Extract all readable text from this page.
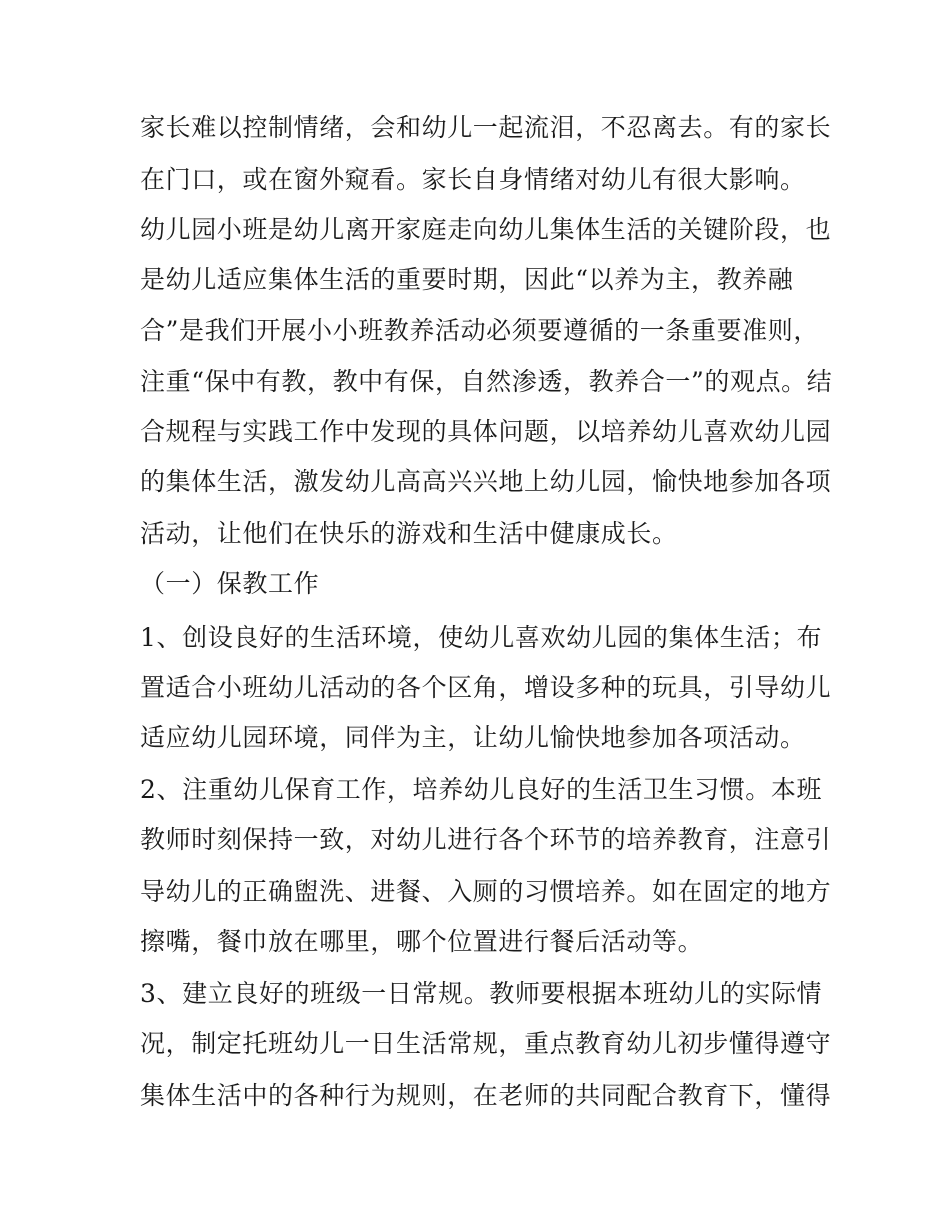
家长难以控制情绪，会和幼儿一起流泪，不忍离去。有的家长
在门口，或在窗外窥看。家长自身情绪对幼儿有很大影响。
幼儿园小班是幼儿离开家庭走向幼儿集体生活的关键阶段，也
是幼儿适应集体生活的重要时期，因此“以养为主，教养融
合”是我们开展小小班教养活动必须要遵循的一条重要准则，
注重“保中有教，教中有保，自然渗透，教养合一”的观点。结
合规程与实践工作中发现的具体问题，以培养幼儿喜欢幼儿园
的集体生活，激发幼儿高高兴兴地上幼儿园，愉快地参加各项
活动，让他们在快乐的游戏和生活中健康成长。
（一）保教工作
1、创设良好的生活环境，使幼儿喜欢幼儿园的集体生活；布
置适合小班幼儿活动的各个区角，增设多种的玩具，引导幼儿
适应幼儿园环境，同伴为主，让幼儿愉快地参加各项活动。
2、注重幼儿保育工作，培养幼儿良好的生活卫生习惯。本班
教师时刻保持一致，对幼儿进行各个环节的培养教育，注意引
导幼儿的正确盥洗、进餐、入厕的习惯培养。如在固定的地方
擦嘴，餐巾放在哪里，哪个位置进行餐后活动等。
3、建立良好的班级一日常规。教师要根据本班幼儿的实际情
况，制定托班幼儿一日生活常规，重点教育幼儿初步懂得遵守
集体生活中的各种行为规则，在老师的共同配合教育下，懂得
